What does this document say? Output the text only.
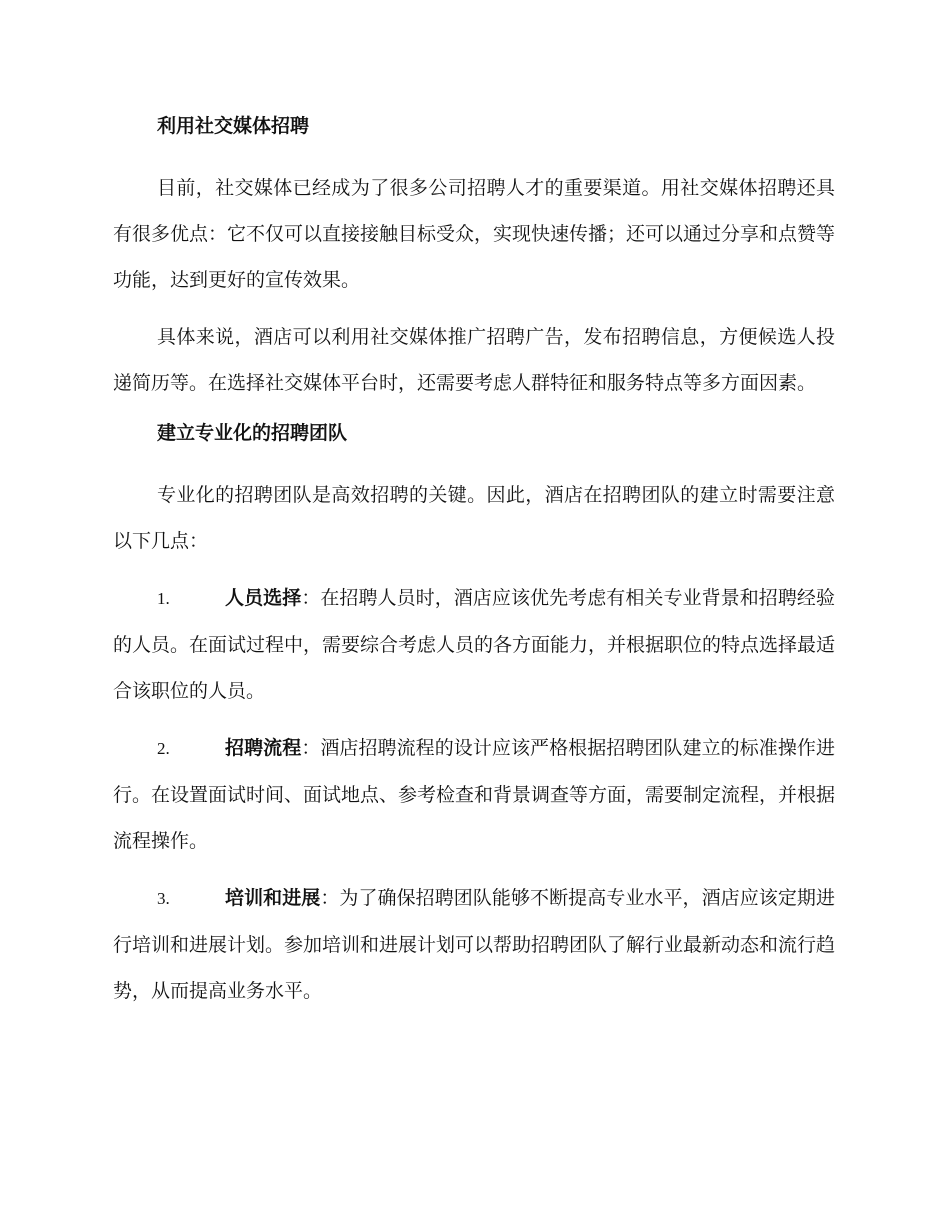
利用社交媒体招聘

目前，社交媒体已经成为了很多公司招聘人才的重要渠道。用社交媒体招聘还具有很多优点：它不仅可以直接接触目标受众，实现快速传播；还可以通过分享和点赞等功能，达到更好的宣传效果。

具体来说，酒店可以利用社交媒体推广招聘广告，发布招聘信息，方便候选人投递简历等。在选择社交媒体平台时，还需要考虑人群特征和服务特点等多方面因素。

建立专业化的招聘团队

专业化的招聘团队是高效招聘的关键。因此，酒店在招聘团队的建立时需要注意以下几点：

1.	人员选择：在招聘人员时，酒店应该优先考虑有相关专业背景和招聘经验的人员。在面试过程中，需要综合考虑人员的各方面能力，并根据职位的特点选择最适合该职位的人员。

2.	招聘流程：酒店招聘流程的设计应该严格根据招聘团队建立的标准操作进行。在设置面试时间、面试地点、参考检查和背景调查等方面，需要制定流程，并根据流程操作。

3.	培训和进展：为了确保招聘团队能够不断提高专业水平，酒店应该定期进行培训和进展计划。参加培训和进展计划可以帮助招聘团队了解行业最新动态和流行趋势，从而提高业务水平。
